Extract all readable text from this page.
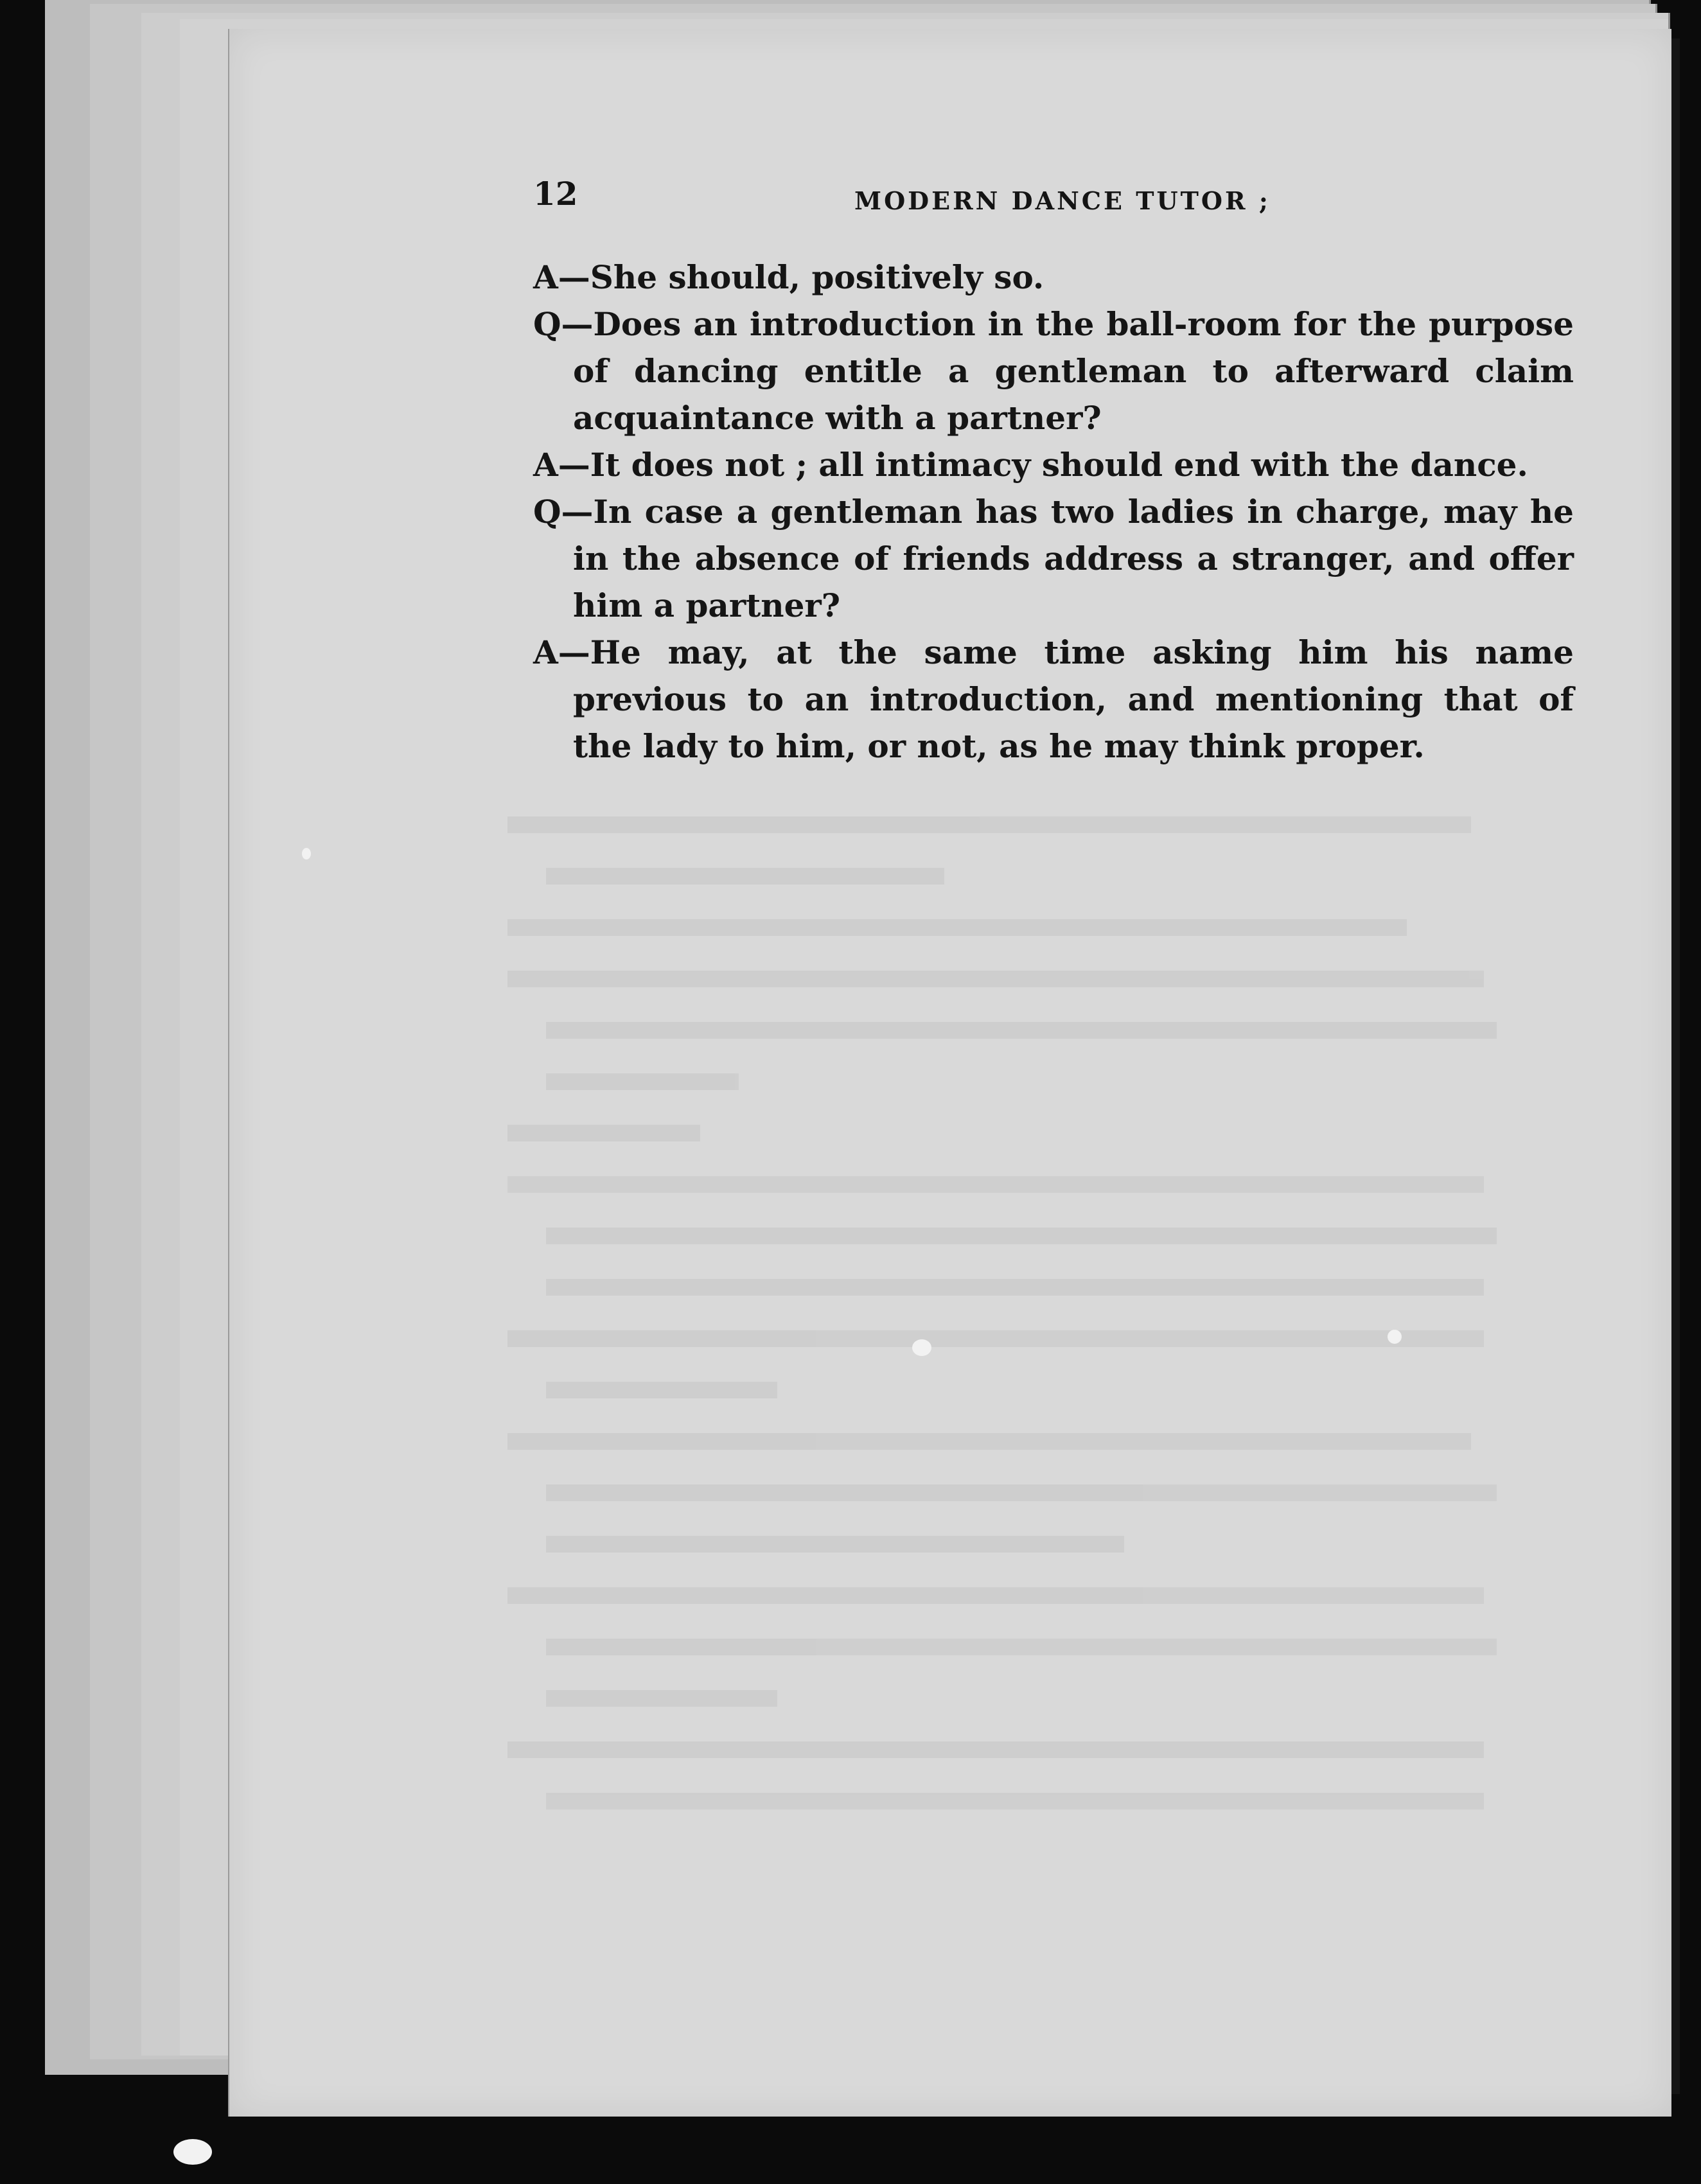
12	MODERN DANCE TUTOR ;

A—She should, positively so.

Q—Does an introduction in the ball-room for the purpose of dancing entitle a gentleman to afterward claim acquaintance with a partner?

A—It does not ; all intimacy should end with the dance.

Q—In case a gentleman has two ladies in charge, may he in the absence of friends address a stranger, and offer him a partner?

A—He may, at the same time asking him his name previous to an introduction, and mentioning that of the lady to him, or not, as he may think proper.
